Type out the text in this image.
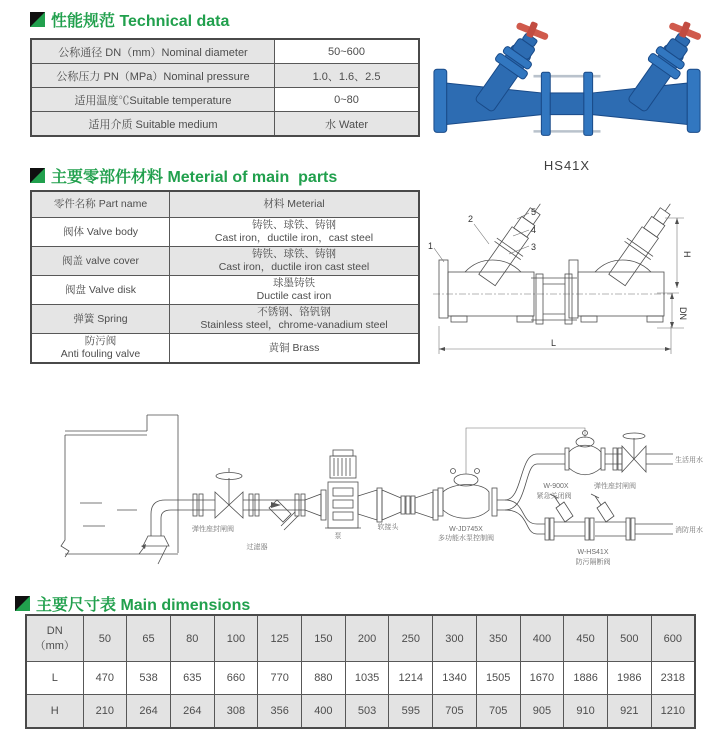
性能规范 Technical data
公称通径 DN（mm）Nominal diameter	50~600
公称压力 PN（MPa）Nominal pressure	1.0、1.6、2.5
适用温度℃Suitable temperature	0~80
适用介质 Suitable medium	水 Water
HS41X
主要零部件材料 Meterial of main  parts
零件名称 Part name	材料 Meterial

阀体 Valve body	铸铁、球铁、铸钢
Cast iron，ductile iron，cast steel

阀盖 valve cover	铸铁、球铁、铸钢
Cast iron，ductile iron cast steel

阀盘 Valve disk	球墨铸铁
Ductile cast iron

弹簧 Spring	不锈钢、铬钒钢
Stainless steel，chrome-vanadium steel

防污阀
Anti fouling valve	黄铜 Brass
1
2
5
4
3
H
DN
L
弹性座封闸阀
过滤器
泵
软接头	W-JD745X
多功能水泵控制阀
W-900X
紧急关闭阀
弹性座封闸阀
生活用水
W-HS41X
防污隔断阀
消防用水
主要尺寸表 Main dimensions
DN
（mm）	50	65	80	100	125	150	200	250	300	350	400	450	500	600
L	470	538	635	660	770	880	1035	1214	1340	1505	1670	1886	1986	2318
H	210	264	264	308	356	400	503	595	705	705	905	910	921	1210
